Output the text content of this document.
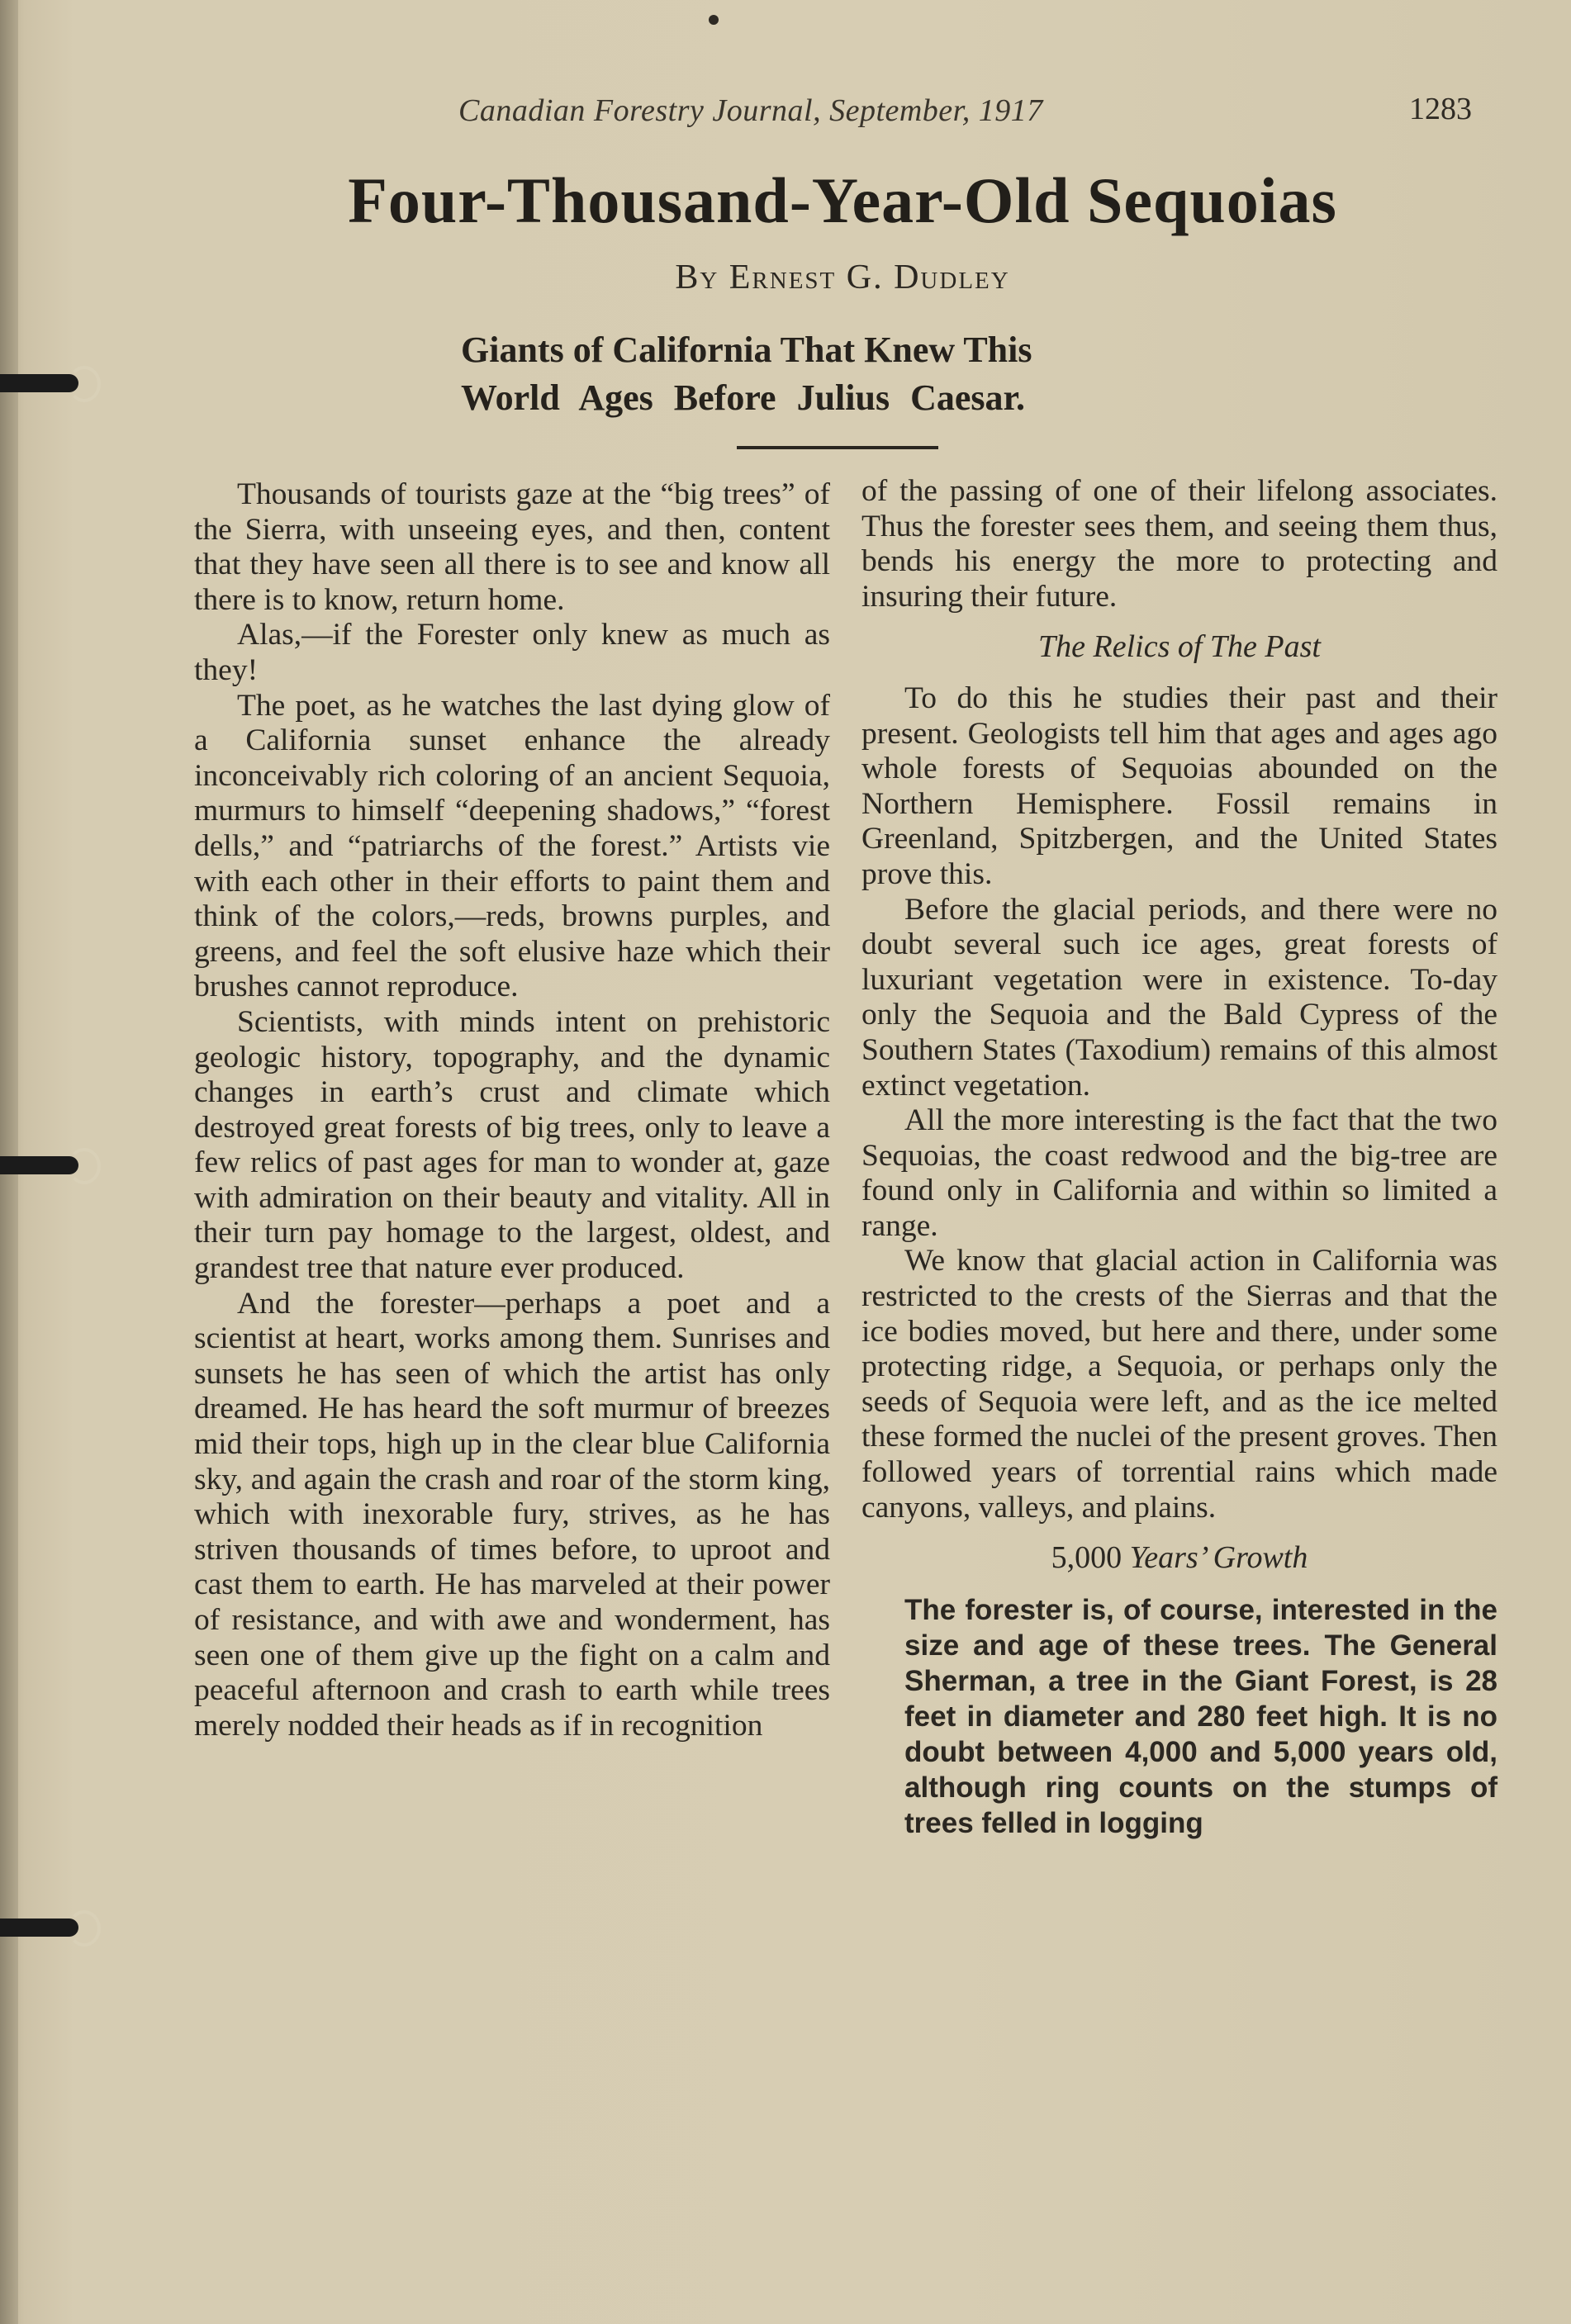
Canadian Forestry Journal, September, 1917	1283
Four-Thousand-Year-Old Sequoias
By Ernest G. Dudley
Giants of California That Knew This
World Ages Before Julius Caesar.

Thousands of tourists gaze at the “big trees” of the Sierra, with unseeing eyes, and then, content that they have seen all there is to see and know all there is to know, return home.

Alas,—if the Forester only knew as much as they!

The poet, as he watches the last dying glow of a California sunset enhance the already inconceivably rich coloring of an ancient Sequoia, murmurs to himself “deepening shadows,” “forest dells,” and “patriarchs of the forest.” Artists vie with each other in their efforts to paint them and think of the colors,—reds, browns purples, and greens, and feel the soft elusive haze which their brushes cannot reproduce.

Scientists, with minds intent on prehistoric geologic history, topography, and the dynamic changes in earth’s crust and climate which destroyed great forests of big trees, only to leave a few relics of past ages for man to wonder at, gaze with admiration on their beauty and vitality. All in their turn pay homage to the largest, oldest, and grandest tree that nature ever produced.

And the forester—perhaps a poet and a scientist at heart, works among them. Sunrises and sunsets he has seen of which the artist has only dreamed. He has heard the soft murmur of breezes mid their tops, high up in the clear blue California sky, and again the crash and roar of the storm king, which with inexorable fury, strives, as he has striven thousands of times before, to uproot and cast them to earth. He has marveled at their power of resistance, and with awe and wonderment, has seen one of them give up the fight on a calm and peaceful afternoon and crash to earth while trees merely nodded their heads as if in recognition

of the passing of one of their lifelong associates. Thus the forester sees them, and seeing them thus, bends his energy the more to protecting and insuring their future.

The Relics of The Past

To do this he studies their past and their present. Geologists tell him that ages and ages ago whole forests of Sequoias abounded on the Northern Hemisphere. Fossil remains in Greenland, Spitzbergen, and the United States prove this.

Before the glacial periods, and there were no doubt several such ice ages, great forests of luxuriant vegetation were in existence. To-day only the Sequoia and the Bald Cypress of the Southern States (Taxodium) remains of this almost extinct vegetation.

All the more interesting is the fact that the two Sequoias, the coast redwood and the big-tree are found only in California and within so limited a range.

We know that glacial action in California was restricted to the crests of the Sierras and that the ice bodies moved, but here and there, under some protecting ridge, a Sequoia, or perhaps only the seeds of Sequoia were left, and as the ice melted these formed the nuclei of the present groves. Then followed years of torrential rains which made canyons, valleys, and plains.

5,000 Years’ Growth

The forester is, of course, interested in the size and age of these trees. The General Sherman, a tree in the Giant Forest, is 28 feet in diameter and 280 feet high. It is no doubt between 4,000 and 5,000 years old, although ring counts on the stumps of trees felled in logging
